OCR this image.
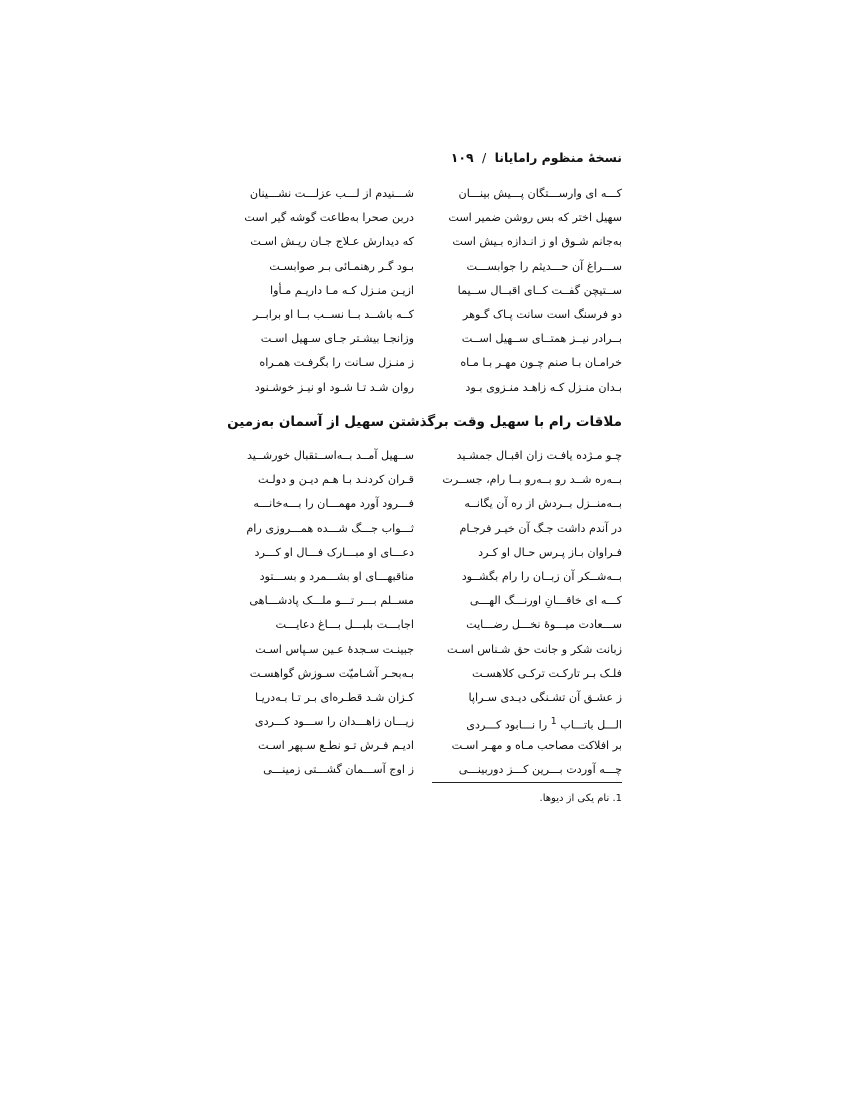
نسخهٔ منظوم رامایانا / ۱۰۹
کـــه ای وارســـتگان پـــیش بینـــان
شـــنیدم از لـــب عزلـــت نشـــینان
سهیل اختر که بس روشن ضمیر است
دربن صحرا به‌طاعت گوشه گیر است
به‌جانم شـوق او ز انـدازه بـیش است
که دیدارش عـلاج جـان ریـش اسـت
ســـراغ آن حـــدیثم را جوابســـت
بـود گـر رهنمـائی بـر صوابسـت
ســتیچن گفــت کــای اقبــال ســیما
ازیـن منـزل کـه مـا داریـم مـأوا
دو فرسنگ است سانت پـاک گـوهر
کــه باشــد بــا نســب بــا او برابــر
بــرادر نیــز همتــای ســهیل اســت
وزانجـا بیشـتر جـای سـهیل اسـت
خرامـان بـا صنم چـون مهـر بـا مـاه
ز منـزل سـانت را بگرفـت همـراه
بـدان منـزل کـه زاهـد منـزوی بـود
روان شـد تـا شـود او نیـز خوشـنود
ملاقات رام با سهیل وقت برگذشتن سهیل از آسمان به‌زمین
چـو مـژده یافـت زان اقبـال جمشـید
ســهیل آمــد بــه‌اســتقبال خورشــید
بــه‌ره شــد رو بــه‌رو بــا رام، جســرت
قـران کردنـد بـا هـم دیـن و دولـت
بــه‌منــزل بــردش از ره آن یگانــه
فـــرود آورد مهمـــان را بـــه‌خانـــه
در آندم داشت جـگ آن خیـر فرجـام
ثـــواب جـــگ شـــده همـــروزی رام
فـراوان بـاز پـرس حـال او کـرد
دعـــای او مبـــارک فـــال او کـــرد
بــه‌شــکر آن زبــان را رام بگشــود
مناقبهـــای او بشـــمرد و بســـتود
کـــه ای خاقـــانِ اورنـــگ الهـــی
مســلم بـــر تـــو ملـــک پادشـــاهی
ســـعادت میـــوهٔ نخـــل رضـــایت
اجابـــت بلبـــل بـــاغ دعایـــت
زبانت شکر و جانت حق شـناس اسـت
جبینـت سـجدهٔ عـین سـپاس اسـت
فلـک بـر تارکـت ترکـی کلاهسـت
بـه‌بحـر آشـامیّت سـوزش گواهسـت
ز عشـق آن تشـنگی دیـدی سـراپا
کـزان شـد قطـره‌ای بـر تـا بـه‌دریـا
الـــل باتـــاب $^1$ را نـــابود کـــردی
زیـــان زاهـــدان را ســـود کـــردی
بر افلاکت مصاحب مـاه و مهـر اسـت
ادیـم فـرش تـو نطـع سـپهر اسـت
چـــه آوردت بـــرین کـــز دوربینـــی
ز اوج آســـمان گشـــتی زمینـــی
1. نام یکی از دیوها.
